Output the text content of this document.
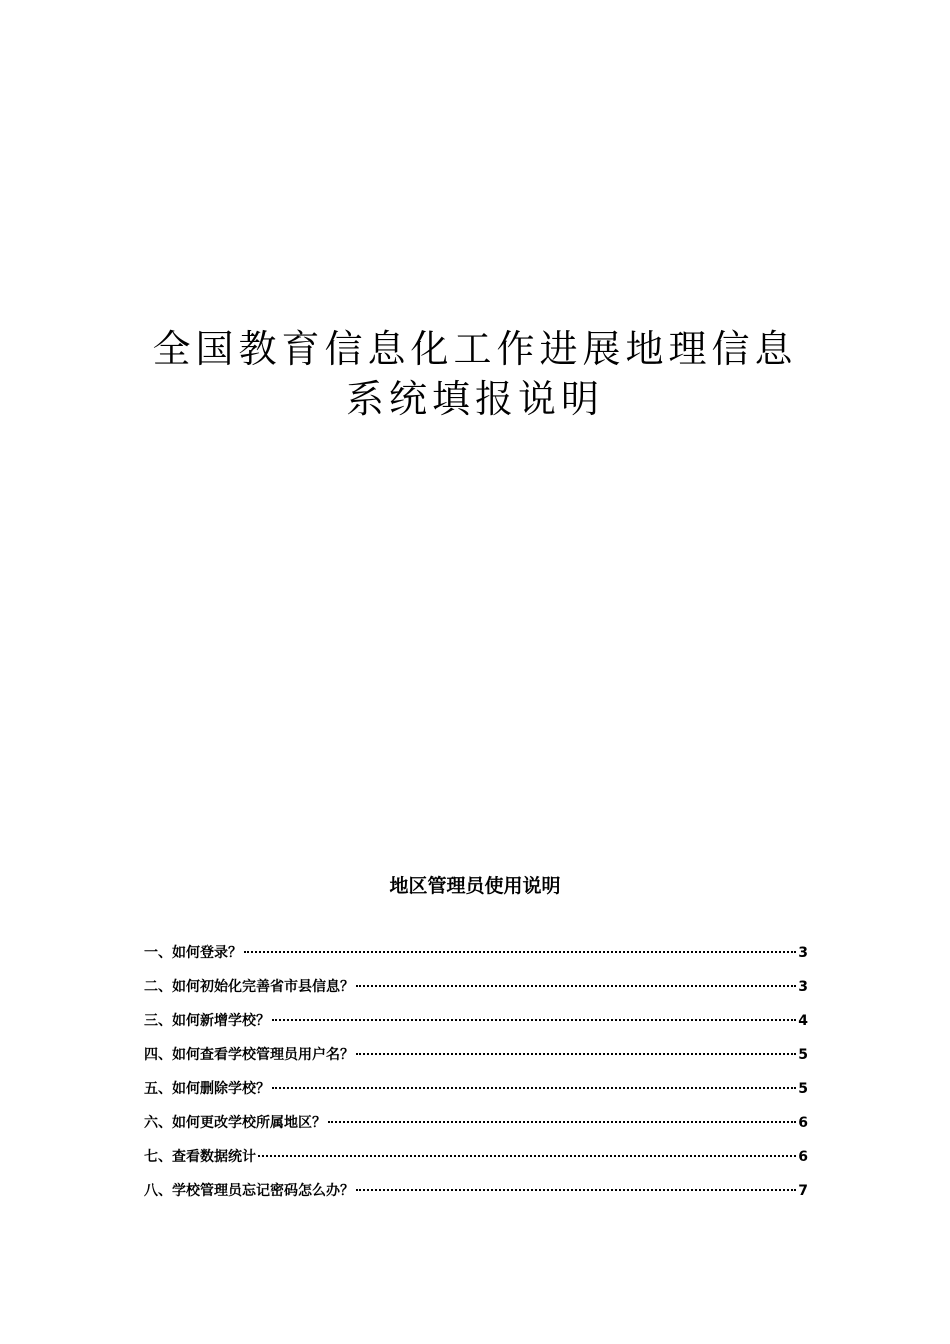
全国教育信息化工作进展地理信息
系统填报说明
地区管理员使用说明
一、如何登录？	3
二、如何初始化完善省市县信息？	3
三、如何新增学校？	4
四、如何查看学校管理员用户名？	5
五、如何删除学校？	5
六、如何更改学校所属地区？	6
七、查看数据统计	6
八、学校管理员忘记密码怎么办？	7
